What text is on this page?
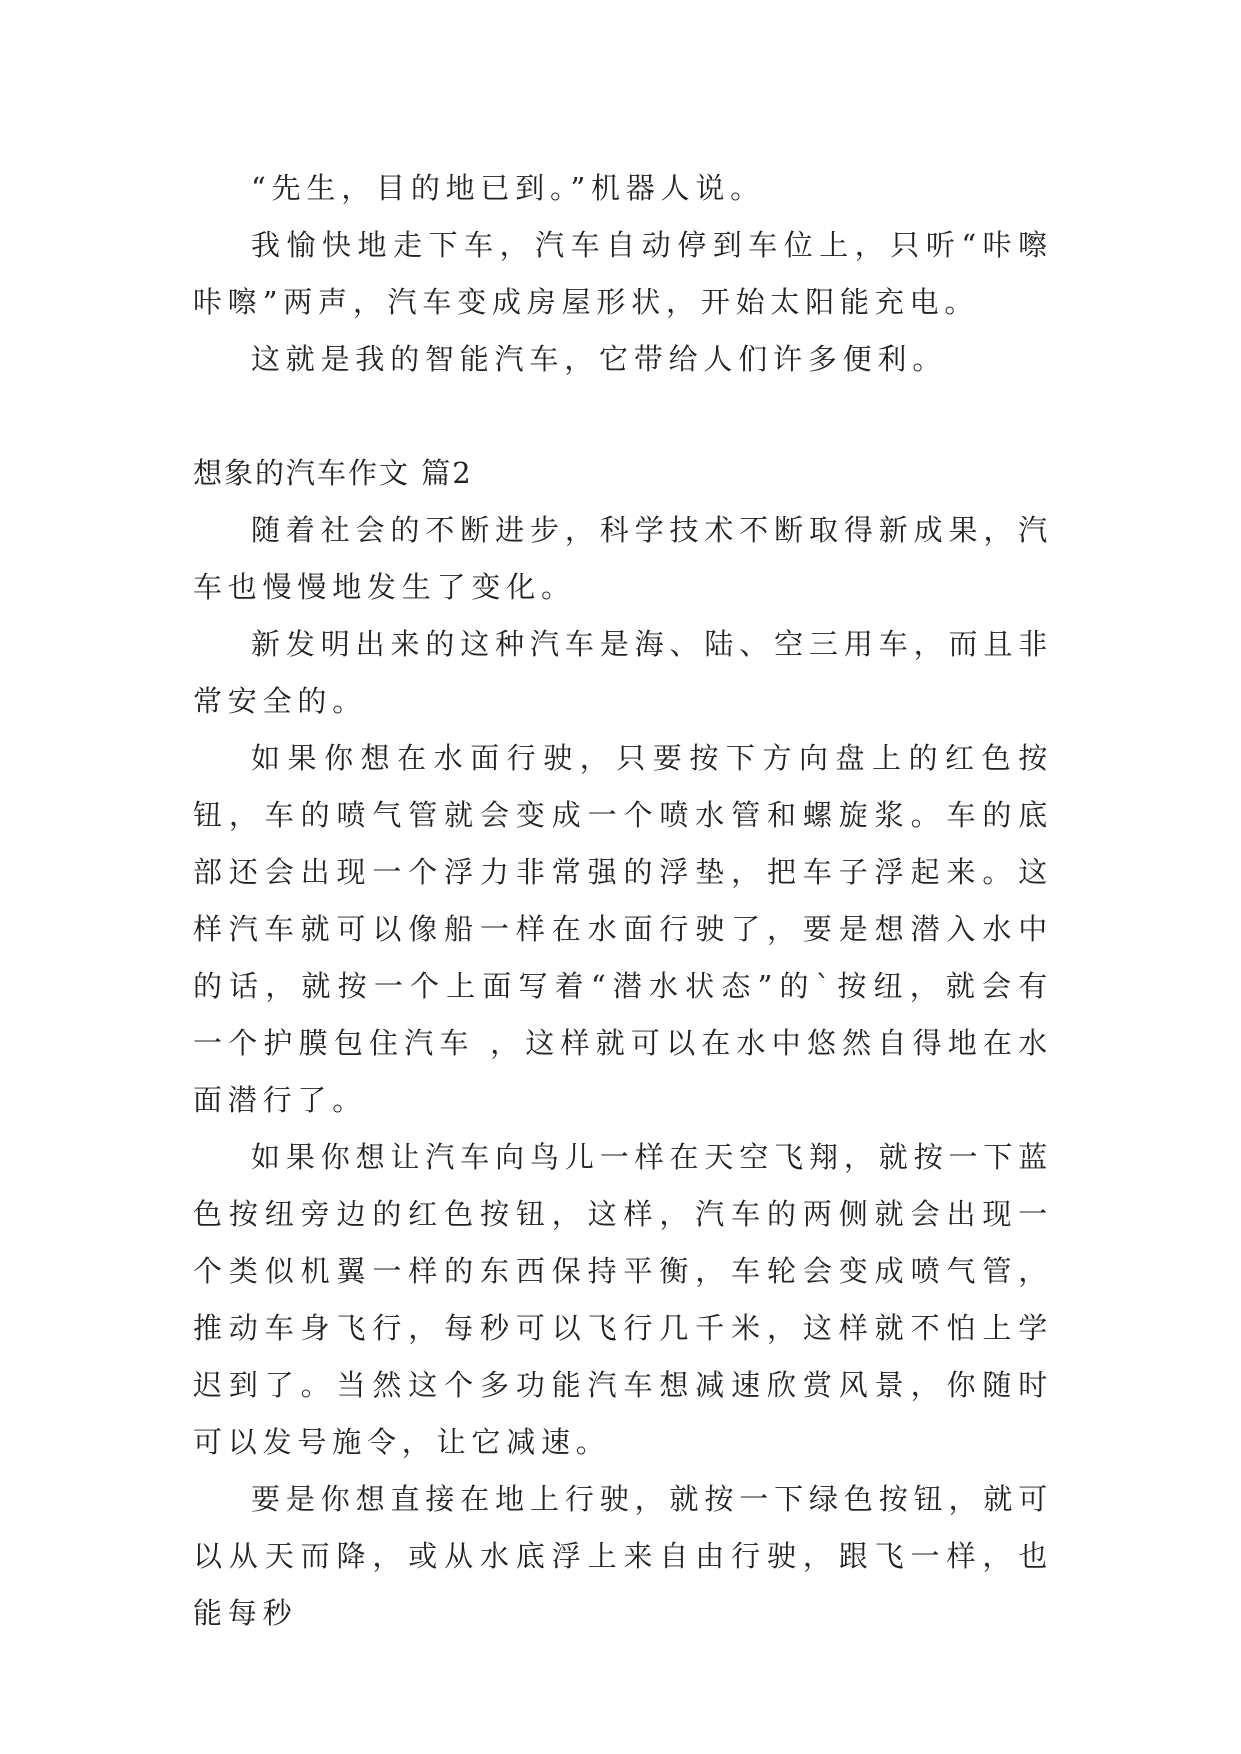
“先生，目的地已到。”机器人说。

我愉快地走下车，汽车自动停到车位上，只听“咔嚓咔嚓”两声，汽车变成房屋形状，开始太阳能充电。

这就是我的智能汽车，它带给人们许多便利。

想象的汽车作文 篇2

随着社会的不断进步，科学技术不断取得新成果，汽车也慢慢地发生了变化。

新发明出来的这种汽车是海、陆、空三用车，而且非常安全的。

如果你想在水面行驶，只要按下方向盘上的红色按钮，车的喷气管就会变成一个喷水管和螺旋浆。车的底部还会出现一个浮力非常强的浮垫，把车子浮起来。这样汽车就可以像船一样在水面行驶了，要是想潜入水中的话，就按一个上面写着“潜水状态”的`按纽，就会有一个护膜包住汽车 ，这样就可以在水中悠然自得地在水面潜行了。

如果你想让汽车向鸟儿一样在天空飞翔，就按一下蓝色按纽旁边的红色按钮，这样，汽车的两侧就会出现一个类似机翼一样的东西保持平衡，车轮会变成喷气管，推动车身飞行，每秒可以飞行几千米，这样就不怕上学迟到了。当然这个多功能汽车想减速欣赏风景，你随时可以发号施令，让它减速。

要是你想直接在地上行驶，就按一下绿色按钮，就可以从天而降，或从水底浮上来自由行驶，跟飞一样，也能每秒
